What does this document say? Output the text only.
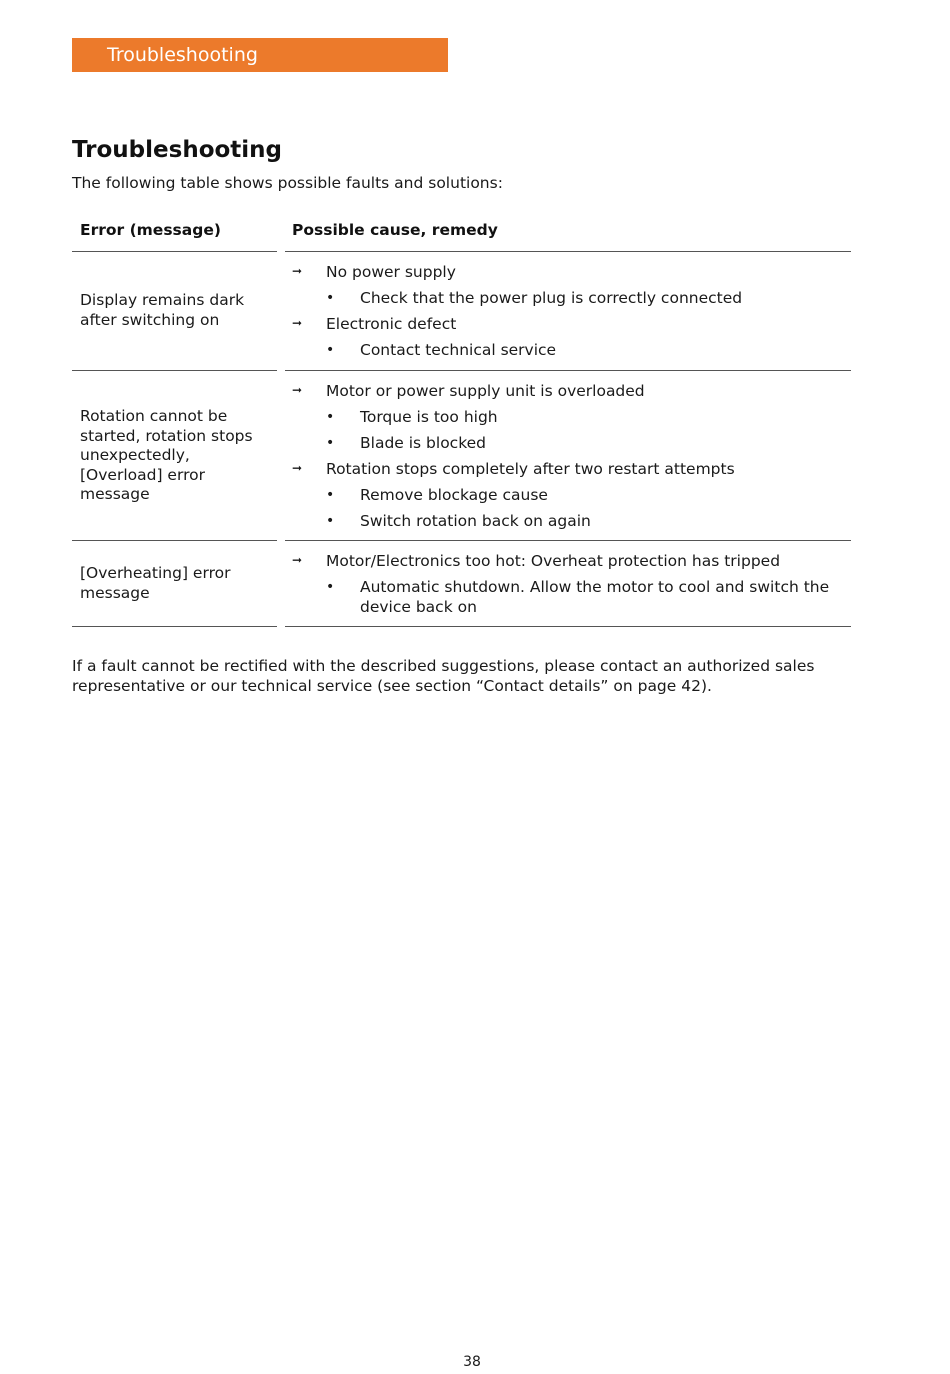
Troubleshooting
Troubleshooting

The following table shows possible faults and solutions:

Error (message)	Possible cause, remedy
Display remains dark after switching on
➞	No power supply
•	Check that the power plug is correctly connected
➞	Electronic defect
•	Contact technical service
Rotation cannot be started, rotation stops unexpectedly, [Overload] error message
➞	Motor or power supply unit is overloaded
•	Torque is too high
•	Blade is blocked
➞	Rotation stops completely after two restart attempts
•	Remove blockage cause
•	Switch rotation back on again
[Overheating] error message
➞	Motor/Electronics too hot: Overheat protection has tripped
•	Automatic shutdown. Allow the motor to cool and switch the device back on

If a fault cannot be rectified with the described suggestions, please contact an authorized sales representative or our technical service (see section “Contact details” on page 42).

38
